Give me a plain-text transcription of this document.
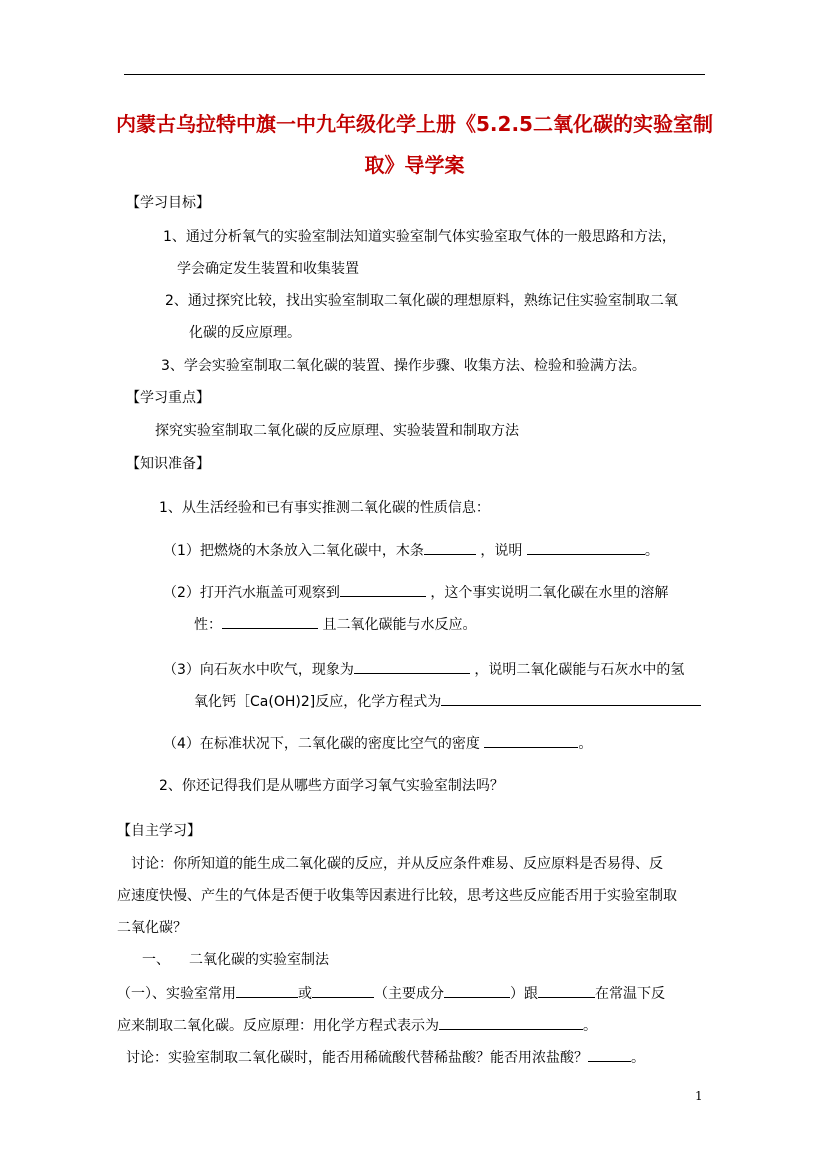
内蒙古乌拉特中旗一中九年级化学上册《5.2.5二氧化碳的实验室制
取》导学案
【学习目标】
1、通过分析氧气的实验室制法知道实验室制气体实验室取气体的一般思路和方法，
学会确定发生装置和收集装置
2、通过探究比较，找出实验室制取二氧化碳的理想原料，熟练记住实验室制取二氧
化碳的反应原理。
3、学会实验室制取二氧化碳的装置、操作步骤、收集方法、检验和验满方法。
【学习重点】
探究实验室制取二氧化碳的反应原理、实验装置和制取方法
【知识准备】
1、从生活经验和已有事实推测二氧化碳的性质信息：
（1）把燃烧的木条放入二氧化碳中，木条	，说明	。
（2）打开汽水瓶盖可观察到	，这个事实说明二氧化碳在水里的溶解
性：	且二氧化碳能与水反应。
（3）向石灰水中吹气，现象为	，说明二氧化碳能与石灰水中的氢
氧化钙［Ca(OH)2]反应，化学方程式为
（4）在标准状况下，二氧化碳的密度比空气的密度	。
2、你还记得我们是从哪些方面学习氧气实验室制法吗？
【自主学习】
讨论：你所知道的能生成二氧化碳的反应，并从反应条件难易、反应原料是否易得、反
应速度快慢、产生的气体是否便于收集等因素进行比较，思考这些反应能否用于实验室制取
二氧化碳？
一、 二氧化碳的实验室制法
（一）、实验室常用	或	（主要成分	）跟	在常温下反
应来制取二氧化碳。反应原理：用化学方程式表示为	。
讨论：实验室制取二氧化碳时，能否用稀硫酸代替稀盐酸？能否用浓盐酸？	。
1
